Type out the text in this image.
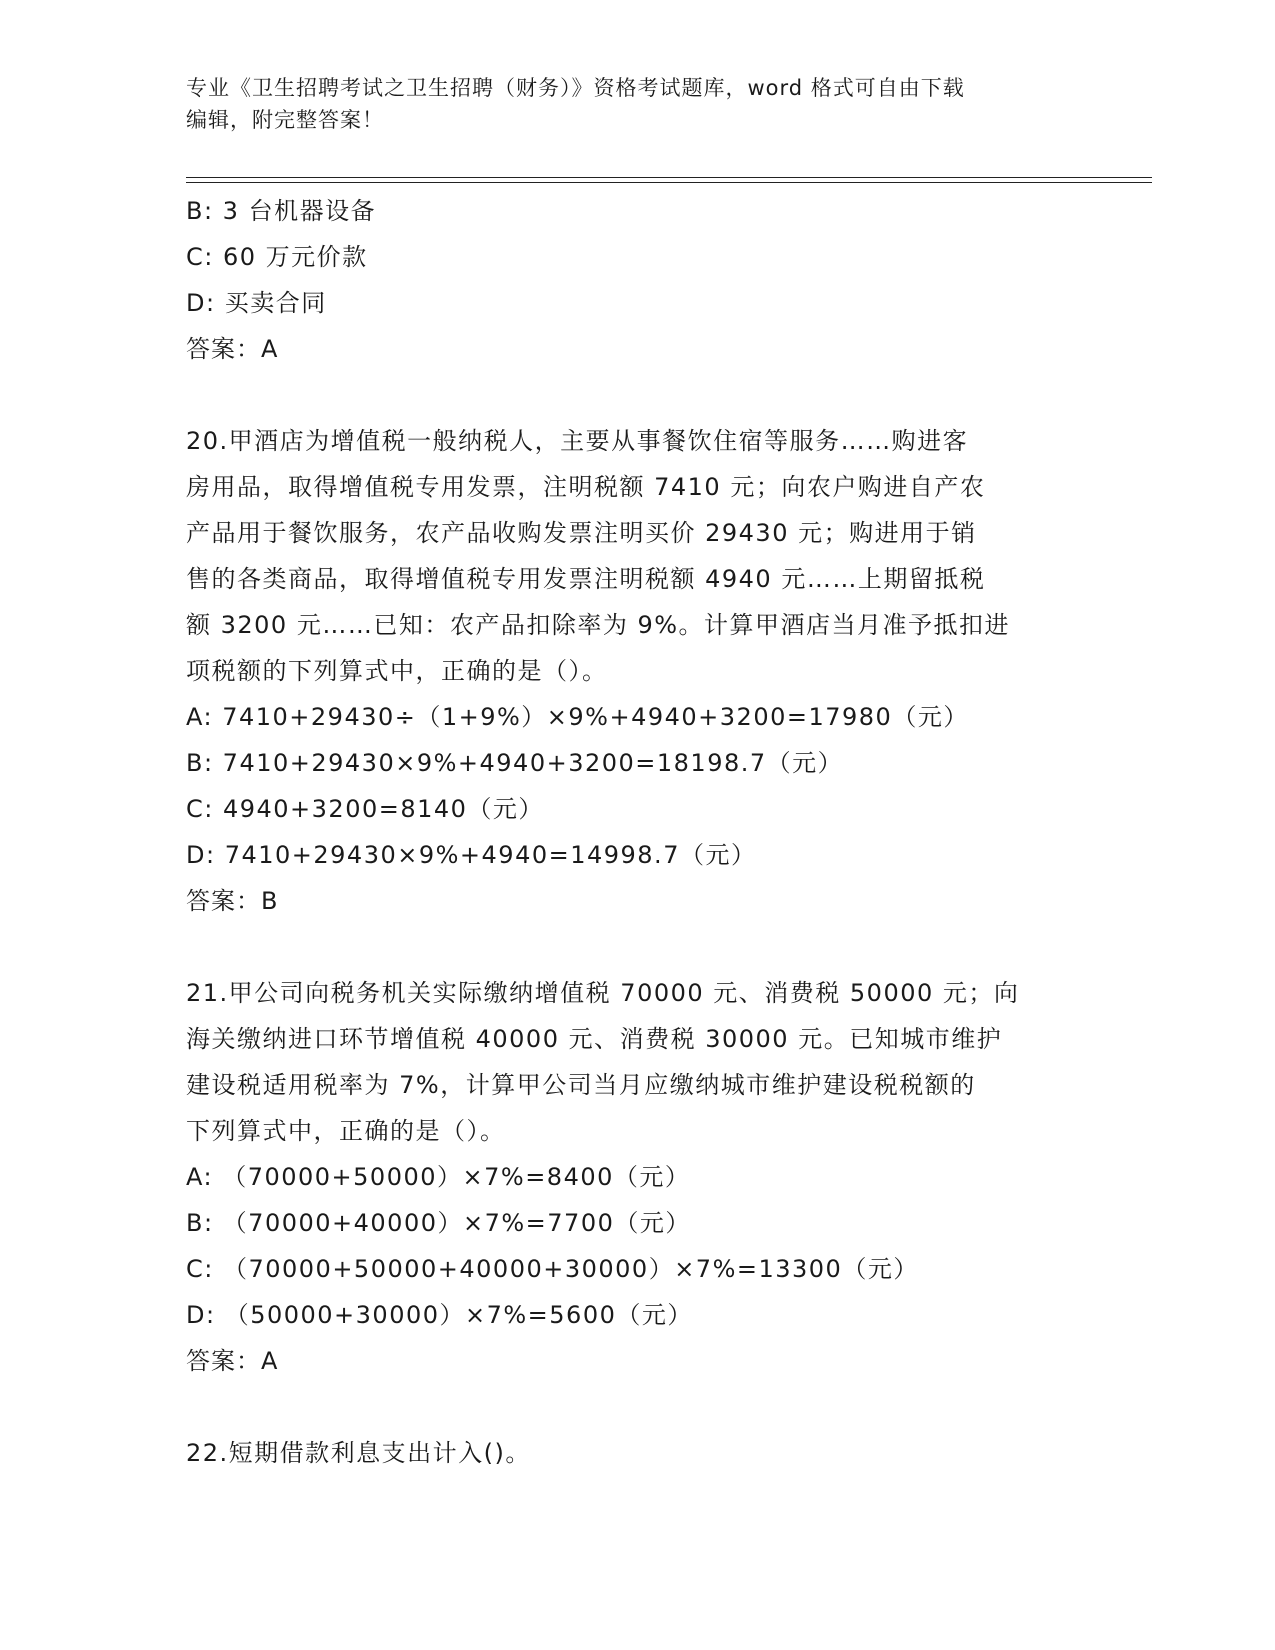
专业《卫生招聘考试之卫生招聘（财务）》资格考试题库，word 格式可自由下载
编辑，附完整答案！
B: 3 台机器设备
C: 60 万元价款
D: 买卖合同
答案：A
20.甲酒店为增值税一般纳税人，主要从事餐饮住宿等服务……购进客
房用品，取得增值税专用发票，注明税额 7410 元；向农户购进自产农
产品用于餐饮服务，农产品收购发票注明买价 29430 元；购进用于销
售的各类商品，取得增值税专用发票注明税额 4940 元……上期留抵税
额 3200 元……已知：农产品扣除率为 9%。计算甲酒店当月准予抵扣进
项税额的下列算式中，正确的是（）。
A: 7410+29430÷（1+9%）×9%+4940+3200=17980（元）
B: 7410+29430×9%+4940+3200=18198.7（元）
C: 4940+3200=8140（元）
D: 7410+29430×9%+4940=14998.7（元）
答案：B
21.甲公司向税务机关实际缴纳增值税 70000 元、消费税 50000 元；向
海关缴纳进口环节增值税 40000 元、消费税 30000 元。已知城市维护
建设税适用税率为 7%，计算甲公司当月应缴纳城市维护建设税税额的
下列算式中，正确的是（）。
A: （70000+50000）×7%=8400（元）
B: （70000+40000）×7%=7700（元）
C: （70000+50000+40000+30000）×7%=13300（元）
D: （50000+30000）×7%=5600（元）
答案：A
22.短期借款利息支出计入()。
